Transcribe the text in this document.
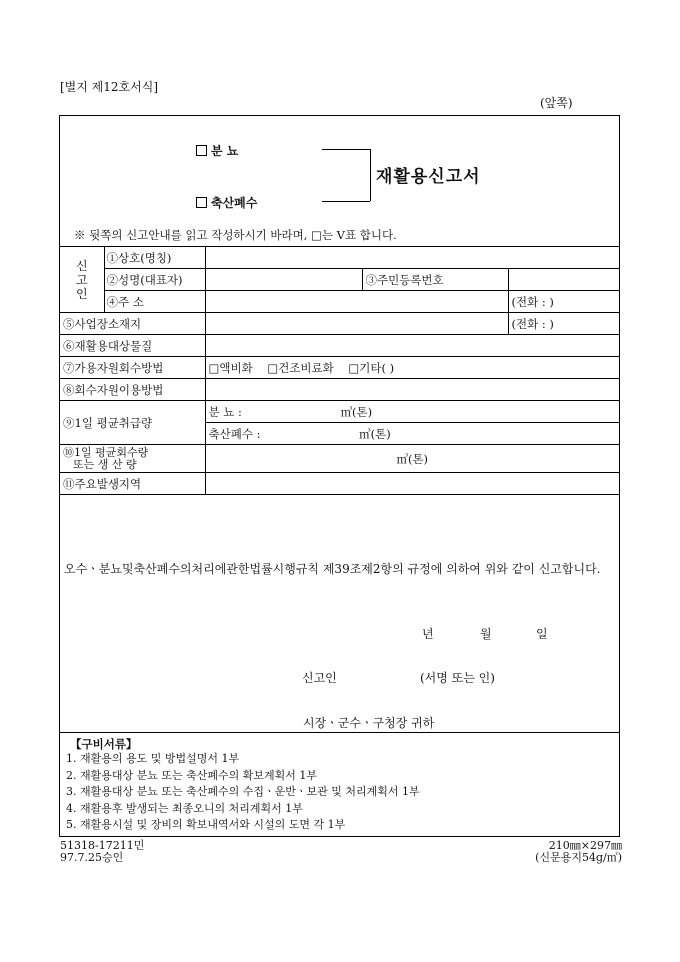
[별지 제12호서식]
(앞쪽)
분 뇨
축산폐수
재활용신고서
※ 뒷쪽의 신고안내를 읽고 작성하시기 바라며, □는 V표 합니다.
신고인	①상호(명칭)			
	②성명(대표자)		③주민등록번호	
	④주 소			(전화 : )
⑤사업장소재지				(전화 : )
⑥재활용대상물질				
⑦가용자원회수방법		□액비화 □건조비료화 □기타( )		
⑧회수자원이용방법				
⑨1일 평균취급량		분 뇨 : ㎥(톤)		
		축산폐수 : ㎥(톤)		

⑩1일 평균회수량
또는 생 산 량		㎥(톤)		
⑪주요발생지역				
오수ㆍ분뇨및축산폐수의처리에관한법률시행규칙 제39조제2항의 규정에 의하여 위와 같이 신고합니다.
년	월	일
신고인	(서명 또는 인)
시장ㆍ군수ㆍ구청장 귀하
【구비서류】
1. 재활용의 용도 및 방법설명서 1부
2. 재활용대상 분뇨 또는 축산폐수의 확보계획서 1부
3. 재활용대상 분뇨 또는 축산폐수의 수집ㆍ운반ㆍ보관 및 처리계획서 1부
4. 재활용후 발생되는 최종오니의 처리계획서 1부
5. 재활용시설 및 장비의 확보내역서와 시설의 도면 각 1부
51318-17211민
97.7.25승인
210㎜×297㎜
(신문용지54g/㎡)
